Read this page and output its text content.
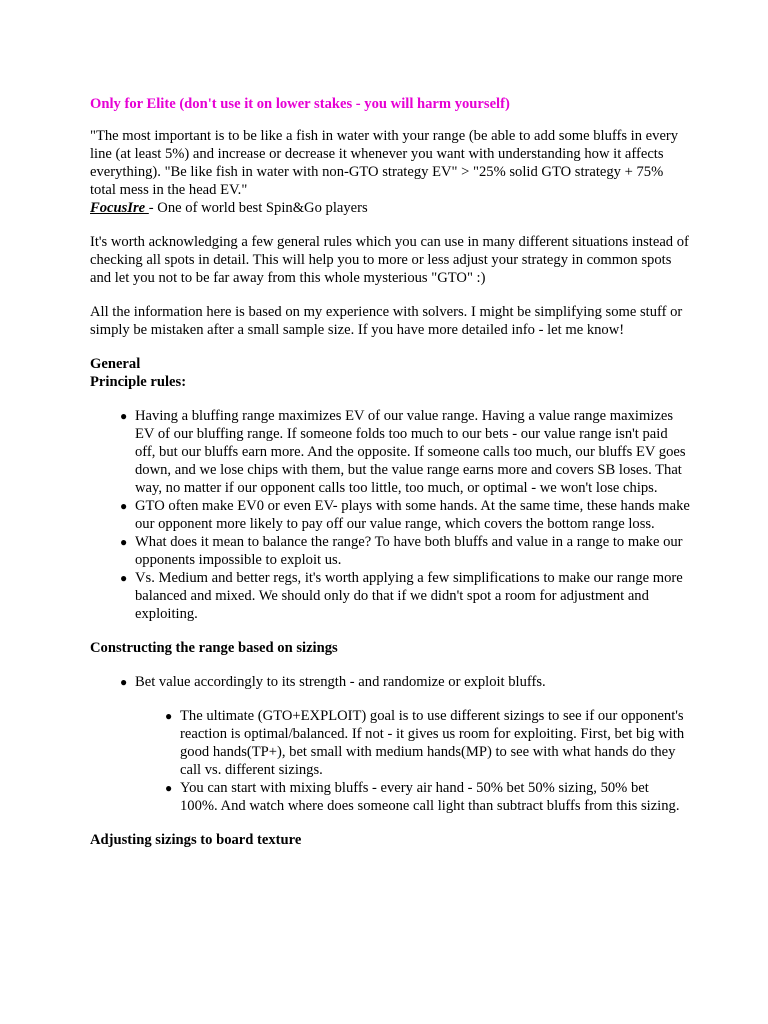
Only for Elite (don't use it on lower stakes - you will harm yourself)

"The most important is to be like a fish in water with your range (be able to add some bluffs in every line (at least 5%) and increase or decrease it whenever you want with understanding how it affects everything). "Be like fish in water with non-GTO strategy EV" > "25% solid GTO strategy + 75% total mess in the head EV."

FocusIre - One of world best Spin&Go players

It's worth acknowledging a few general rules which you can use in many different situations instead of checking all spots in detail. This will help you to more or less adjust your strategy in common spots and let you not to be far away from this whole mysterious "GTO" :)

All the information here is based on my experience with solvers. I might be simplifying some stuff or simply be mistaken after a small sample size. If you have more detailed info - let me know!

General

Principle rules:

● Having a bluffing range maximizes EV of our value range. Having a value range maximizes EV of our bluffing range. If someone folds too much to our bets - our value range isn't paid off, but our bluffs earn more. And the opposite. If someone calls too much, our bluffs EV goes down, and we lose chips with them, but the value range earns more and covers SB loses. That way, no matter if our opponent calls too little, too much, or optimal - we won't lose chips.
● GTO often make EV0 or even EV- plays with some hands. At the same time, these hands make our opponent more likely to pay off our value range, which covers the bottom range loss.
● What does it mean to balance the range? To have both bluffs and value in a range to make our opponents impossible to exploit us.
● Vs. Medium and better regs, it's worth applying a few simplifications to make our range more balanced and mixed. We should only do that if we didn't spot a room for adjustment and exploiting.

Constructing the range based on sizings

● Bet value accordingly to its strength - and randomize or exploit bluffs.
● The ultimate (GTO+EXPLOIT) goal is to use different sizings to see if our opponent's reaction is optimal/balanced. If not - it gives us room for exploiting. First, bet big with good hands(TP+), bet small with medium hands(MP) to see with what hands do they call vs. different sizings.
● You can start with mixing bluffs - every air hand - 50% bet 50% sizing, 50% bet 100%. And watch where does someone call light than subtract bluffs from this sizing.

Adjusting sizings to board texture
